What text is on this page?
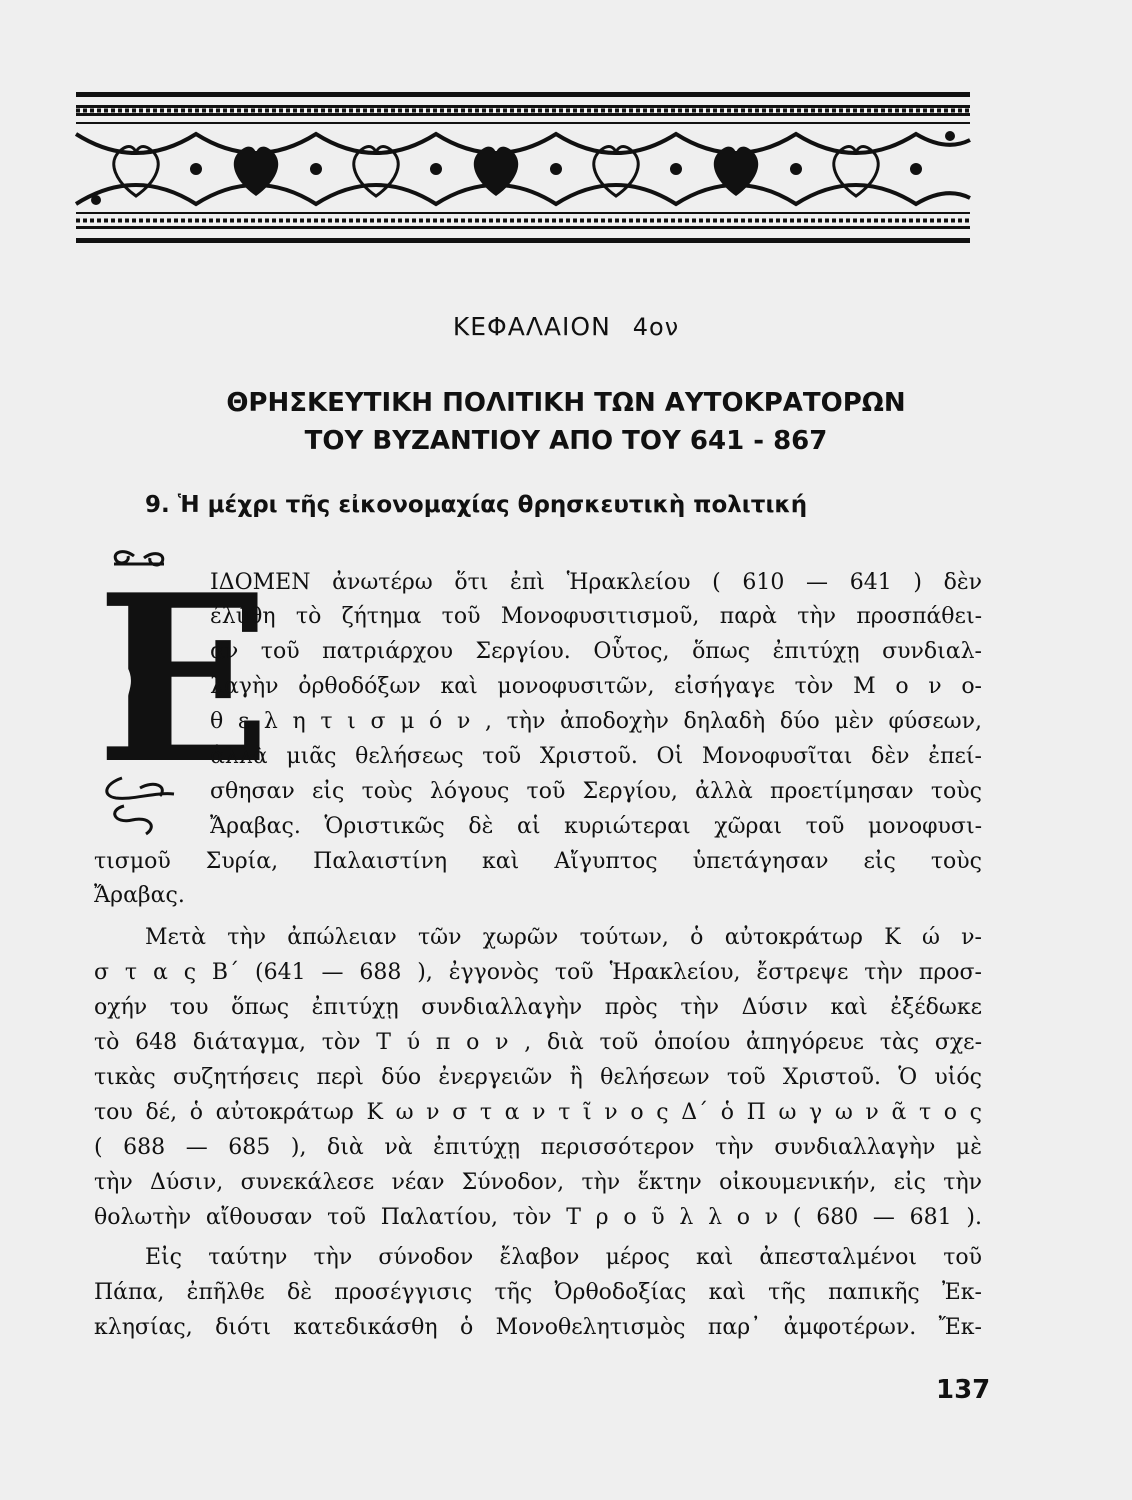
ΚΕΦΑΛΑΙΟΝ 4ον
ΘΡΗΣΚΕΥΤΙΚΗ ΠΟΛΙΤΙΚΗ ΤΩΝ ΑΥΤΟΚΡΑΤΟΡΩΝ
ΤΟΥ ΒΥΖΑΝΤΙΟΥ ΑΠΟ ΤΟΥ 641 - 867
9. Ἡ μέχρι τῆς εἰκονομαχίας θρησκευτικὴ πολιτική
Ε
ΙΔΟΜΕΝ ἀνωτέρω ὅτι ἐπὶ Ἡρακλείου ( 610 — 641 ) δὲν
ἐλύθη τὸ ζήτημα τοῦ Μονοφυσιτισμοῦ, παρὰ τὴν προσπάθει-
αν τοῦ πατριάρχου Σεργίου. Οὗτος, ὅπως ἐπιτύχῃ συνδιαλ-
λαγὴν ὀρθοδόξων καὶ μονοφυσιτῶν, εἰσήγαγε τὸν Μ ο ν ο-
θ ε λ η τ ι σ μ ό ν , τὴν ἀποδοχὴν δηλαδὴ δύο μὲν φύσεων,
ἀλλὰ μιᾶς θελήσεως τοῦ Χριστοῦ. Οἱ Μονοφυσῖται δὲν ἐπεί-
σθησαν εἰς τοὺς λόγους τοῦ Σεργίου, ἀλλὰ προετίμησαν τοὺς
Ἄραβας. Ὁριστικῶς δὲ αἱ κυριώτεραι χῶραι τοῦ μονοφυσι-
τισμοῦ Συρία, Παλαιστίνη καὶ Αἴγυπτος ὑπετάγησαν εἰς τοὺς
Ἄραβας.
Μετὰ τὴν ἀπώλειαν τῶν χωρῶν τούτων, ὁ αὐτοκράτωρ Κ ώ ν-
σ τ α ς Β΄ (641 — 688 ), ἐγγονὸς τοῦ Ἡρακλείου, ἔστρεψε τὴν προσ-
οχήν του ὅπως ἐπιτύχῃ συνδιαλλαγὴν πρὸς τὴν Δύσιν καὶ ἐξέδωκε
τὸ 648 διάταγμα, τὸν Τ ύ π ο ν , διὰ τοῦ ὁποίου ἀπηγόρευε τὰς σχε-
τικὰς συζητήσεις περὶ δύο ἐνεργειῶν ἢ θελήσεων τοῦ Χριστοῦ. Ὁ υἱός
του δέ, ὁ αὐτοκράτωρ Κ ω ν σ τ α ν τ ῖ ν ο ς Δ΄ ὁ Π ω γ ω ν ᾶ τ ο ς
( 688 — 685 ), διὰ νὰ ἐπιτύχῃ περισσότερον τὴν συνδιαλλαγὴν μὲ
τὴν Δύσιν, συνεκάλεσε νέαν Σύνοδον, τὴν ἕκτην οἰκουμενικήν, εἰς τὴν
θολωτὴν αἴθουσαν τοῦ Παλατίου, τὸν Τ ρ ο ῦ λ λ ο ν ( 680 — 681 ).
Εἰς ταύτην τὴν σύνοδον ἔλαβον μέρος καὶ ἀπεσταλμένοι τοῦ
Πάπα, ἐπῆλθε δὲ προσέγγισις τῆς Ὀρθοδοξίας καὶ τῆς παπικῆς Ἐκ-
κλησίας, διότι κατεδικάσθη ὁ Μονοθελητισμὸς παρ᾽ ἀμφοτέρων. Ἔκ-
137
